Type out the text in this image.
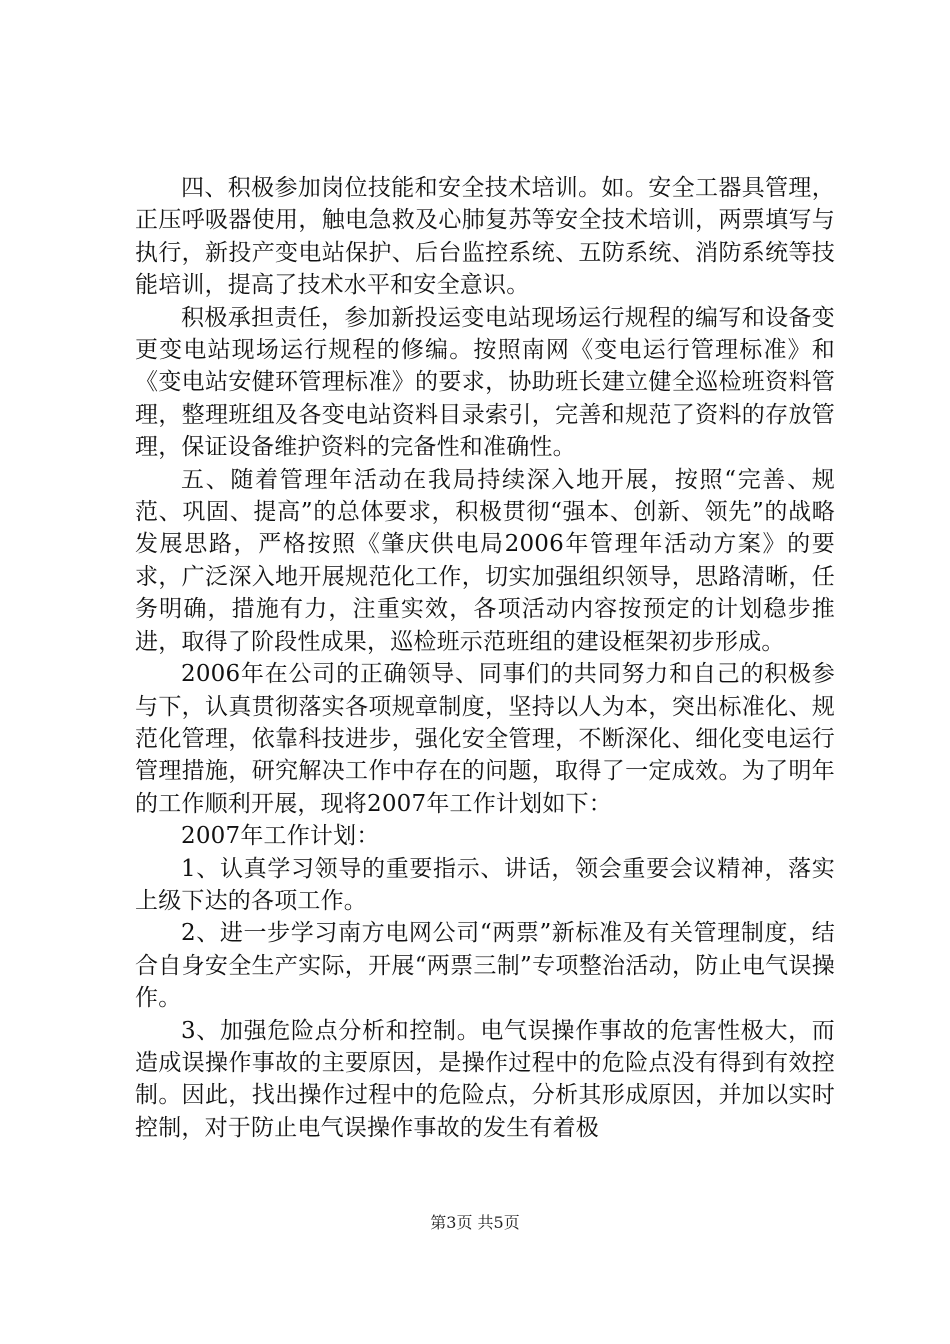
四、积极参加岗位技能和安全技术培训。如。安全工器具管理，正压呼吸器使用，触电急救及心肺复苏等安全技术培训，两票填写与执行，新投产变电站保护、后台监控系统、五防系统、消防系统等技能培训，提高了技术水平和安全意识。

积极承担责任，参加新投运变电站现场运行规程的编写和设备变更变电站现场运行规程的修编。按照南网《变电运行管理标准》和《变电站安健环管理标准》的要求，协助班长建立健全巡检班资料管理，整理班组及各变电站资料目录索引，完善和规范了资料的存放管理，保证设备维护资料的完备性和准确性。

五、随着管理年活动在我局持续深入地开展，按照“完善、规范、巩固、提高”的总体要求，积极贯彻“强本、创新、领先”的战略发展思路，严格按照《肇庆供电局2006年管理年活动方案》的要求，广泛深入地开展规范化工作，切实加强组织领导，思路清晰，任务明确，措施有力，注重实效，各项活动内容按预定的计划稳步推进，取得了阶段性成果，巡检班示范班组的建设框架初步形成。

2006年在公司的正确领导、同事们的共同努力和自己的积极参与下，认真贯彻落实各项规章制度，坚持以人为本，突出标准化、规范化管理，依靠科技进步，强化安全管理，不断深化、细化变电运行管理措施，研究解决工作中存在的问题，取得了一定成效。为了明年的工作顺利开展，现将2007年工作计划如下：

2007年工作计划：

1、认真学习领导的重要指示、讲话，领会重要会议精神，落实上级下达的各项工作。

2、进一步学习南方电网公司“两票”新标准及有关管理制度，结合自身安全生产实际，开展“两票三制”专项整治活动，防止电气误操作。

3、加强危险点分析和控制。电气误操作事故的危害性极大，而造成误操作事故的主要原因，是操作过程中的危险点没有得到有效控制。因此，找出操作过程中的危险点，分析其形成原因，并加以实时控制，对于防止电气误操作事故的发生有着极

第3页 共5页
